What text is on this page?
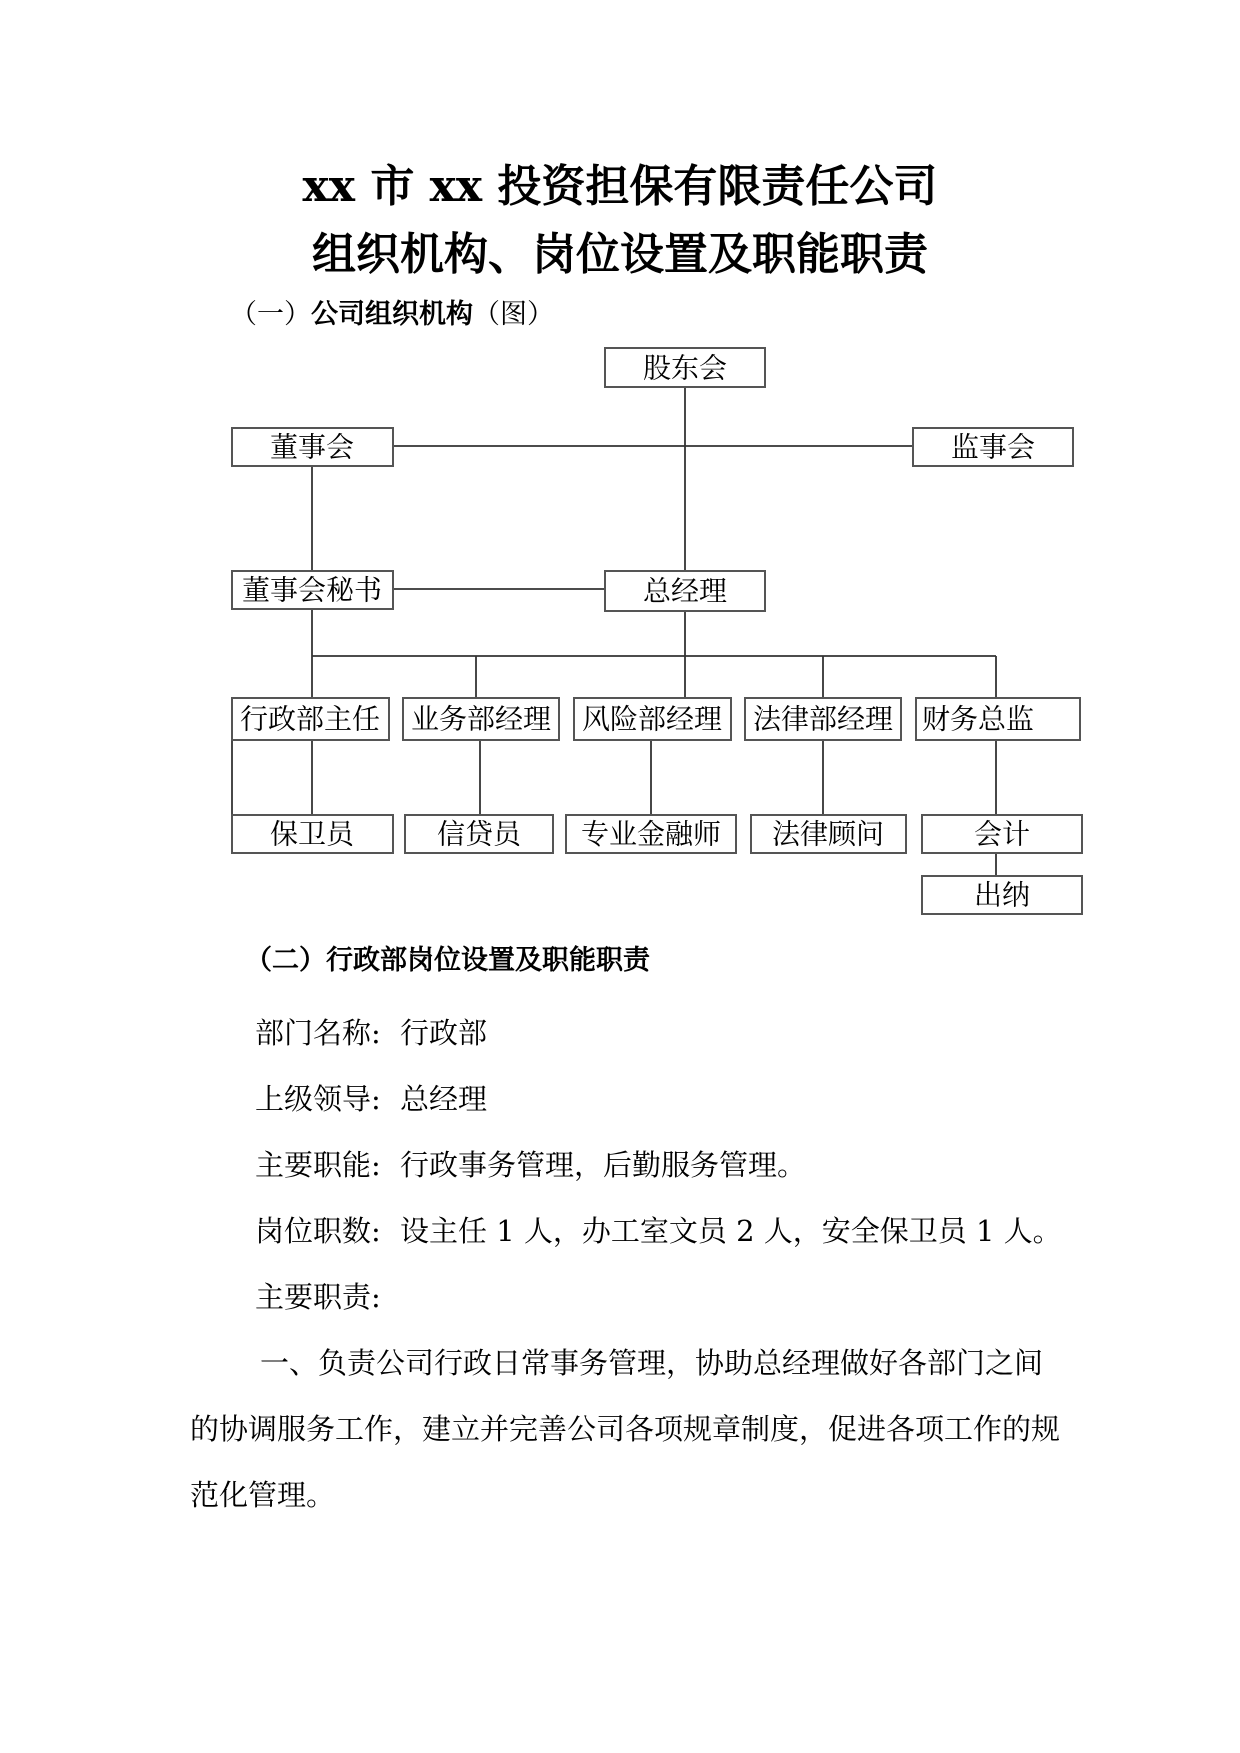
xx 市 xx 投资担保有限责任公司
组织机构、岗位设置及职能职责
（一）公司组织机构（图）
股东会
董事会	监事会
董事会秘书	总经理
行政部主任 业务部经理 风险部经理 法律部经理 财务总监
保卫员	信贷员 专业金融师 法律顾问	会计
出纳
（二）行政部岗位设置及职能职责
部门名称: 行政部
上级领导: 总经理
主要职能: 行政事务管理，后勤服务管理。
岗位职数: 设主任 1 人，办工室文员 2 人，安全保卫员 1 人。
主要职责:
一、负责公司行政日常事务管理，协助总经理做好各部门之间的协调服务工作，建立并完善公司各项规章制度，促进各项工作的规范化管理。
